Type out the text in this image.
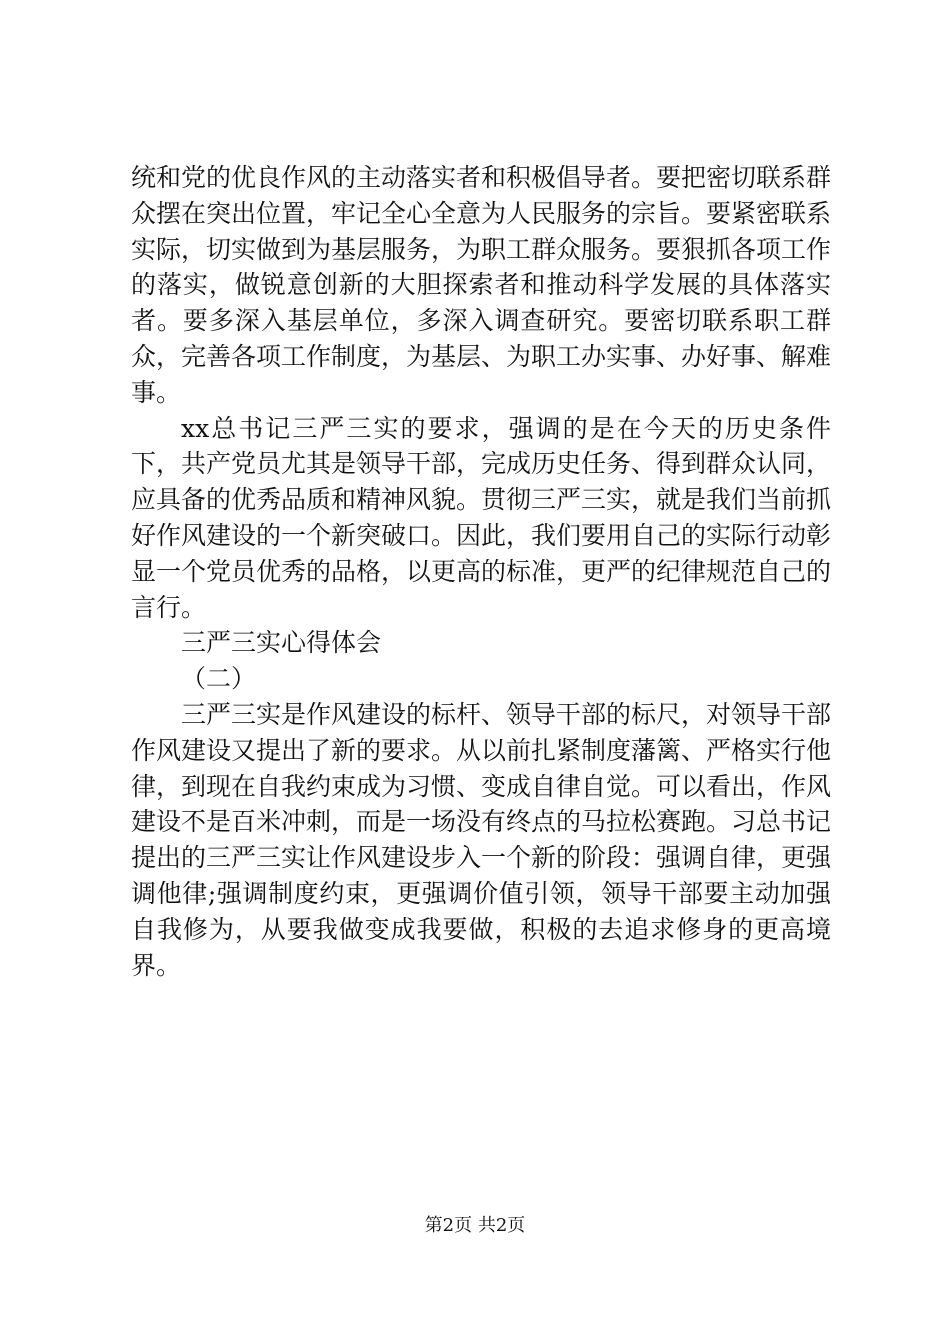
统和党的优良作风的主动落实者和积极倡导者。要把密切联系群众摆在突出位置，牢记全心全意为人民服务的宗旨。要紧密联系实际，切实做到为基层服务，为职工群众服务。要狠抓各项工作的落实，做锐意创新的大胆探索者和推动科学发展的具体落实者。要多深入基层单位，多深入调查研究。要密切联系职工群众，完善各项工作制度，为基层、为职工办实事、办好事、解难事。

xx总书记三严三实的要求，强调的是在今天的历史条件下，共产党员尤其是领导干部，完成历史任务、得到群众认同，应具备的优秀品质和精神风貌。贯彻三严三实，就是我们当前抓好作风建设的一个新突破口。因此，我们要用自己的实际行动彰显一个党员优秀的品格，以更高的标准，更严的纪律规范自己的言行。

三严三实心得体会

（二）

三严三实是作风建设的标杆、领导干部的标尺，对领导干部作风建设又提出了新的要求。从以前扎紧制度藩篱、严格实行他律，到现在自我约束成为习惯、变成自律自觉。可以看出，作风建设不是百米冲刺，而是一场没有终点的马拉松赛跑。习总书记提出的三严三实让作风建设步入一个新的阶段：强调自律，更强调他律;强调制度约束，更强调价值引领，领导干部要主动加强自我修为，从要我做变成我要做，积极的去追求修身的更高境界。

第2页 共2页
